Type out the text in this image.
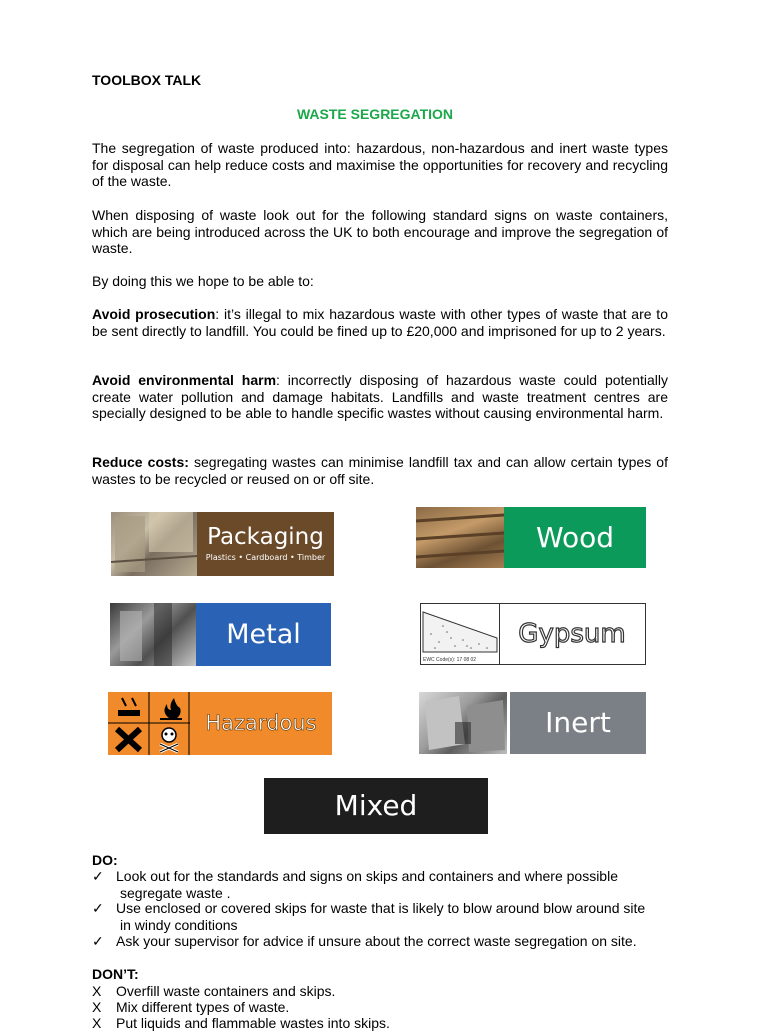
TOOLBOX TALK
WASTE SEGREGATION

The segregation of waste produced into: hazardous, non-hazardous and inert waste types for disposal can help reduce costs and maximise the opportunities for recovery and recycling of the waste.

When disposing of waste look out for the following standard signs on waste containers, which are being introduced across the UK to both encourage and improve the segregation of waste.

By doing this we hope to be able to:

Avoid prosecution: it’s illegal to mix hazardous waste with other types of waste that are to be sent directly to landfill. You could be fined up to £20,000 and imprisoned for up to 2 years.

Avoid environmental harm: incorrectly disposing of hazardous waste could potentially create water pollution and damage habitats. Landfills and waste treatment centres are specially designed to be able to handle specific wastes without causing environmental harm.

Reduce costs: segregating wastes can minimise landfill tax and can allow certain types of wastes to be recycled or reused on or off site.

Packaging
Plastics • Cardboard • Timber
Wood
Metal
EWC Code(s): 17 08 02
Gypsum
Hazardous	Inert
Mixed
DO:
✓ Look out for the standards and signs on skips and containers and where possible
segregate waste .
✓ Use enclosed or covered skips for waste that is likely to blow around blow around site
in windy conditions
✓ Ask your supervisor for advice if unsure about the correct waste segregation on site.
DON’T:
X Overfill waste containers and skips.
X Mix different types of waste.
X Put liquids and flammable wastes into skips.
